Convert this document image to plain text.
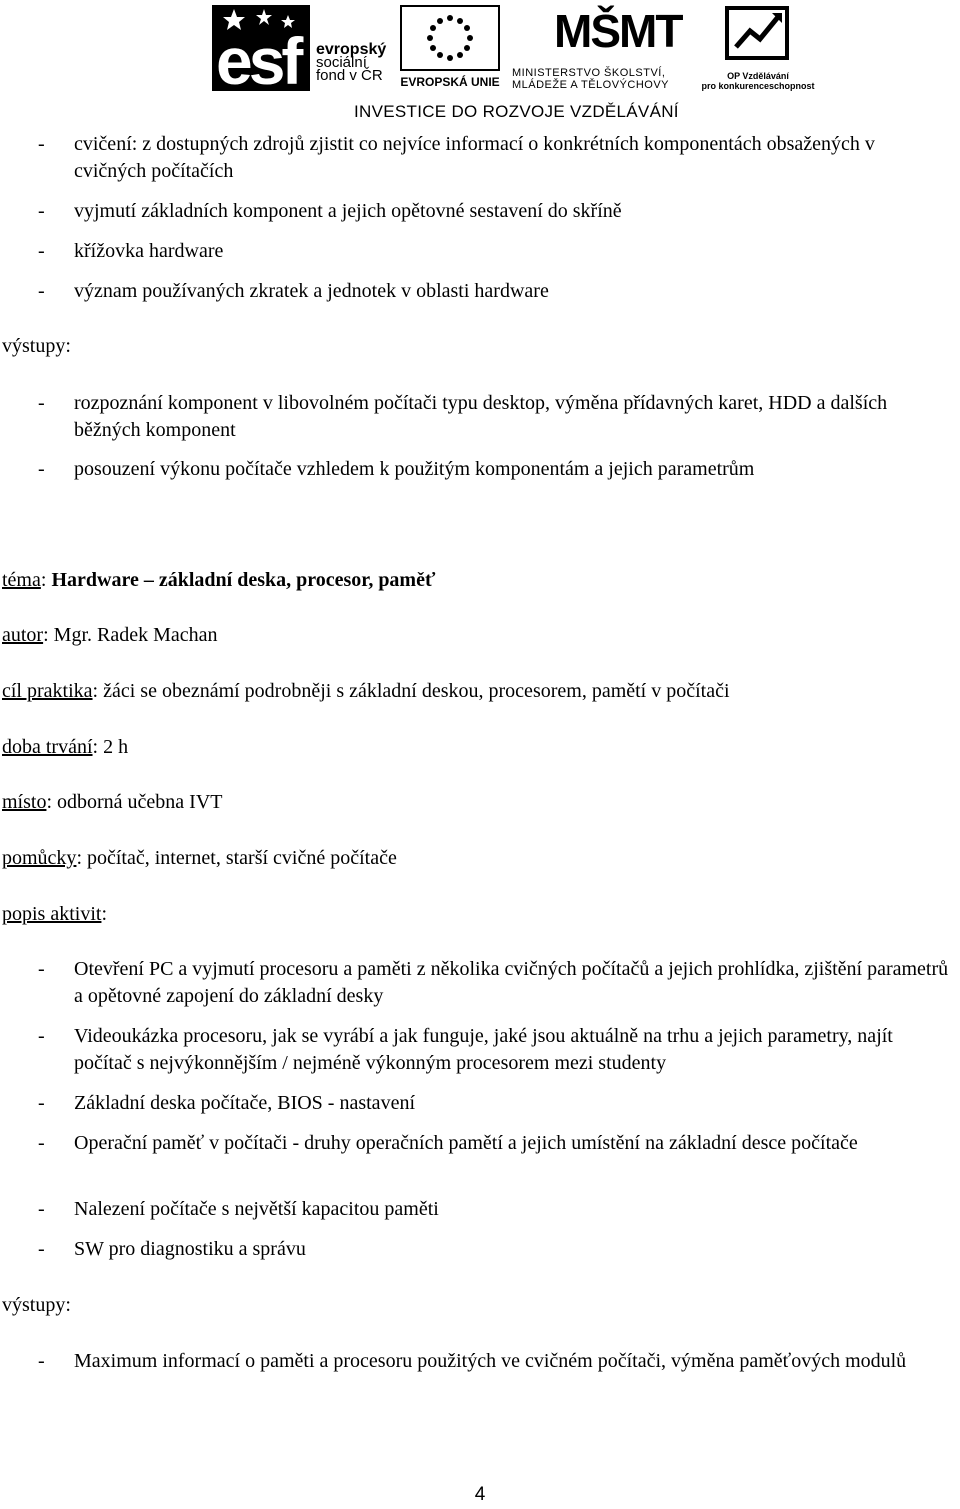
esf evropský
sociální
fond v ČR EVROPSKÁ UNIE
MŠMT
MINISTERSTVO ŠKOLSTVÍ,
MLÁDEŽE A TĚLOVÝCHOVY
OP Vzdělávání
pro konkurenceschopnost
INVESTICE DO ROZVOJE VZDĚLÁVÁNÍ
- cvičení: z dostupných zdrojů zjistit co nejvíce informací o konkrétních komponentách obsažených v cvičných počítačích
- vyjmutí základních komponent a jejich opětovné sestavení do skříně
- křížovka hardware
- význam používaných zkratek a jednotek v oblasti hardware
výstupy:
- rozpoznání komponent v libovolném počítači typu desktop, výměna přídavných karet, HDD a dalších běžných komponent
- posouzení výkonu počítače vzhledem k použitým komponentám a jejich parametrům
téma: Hardware – základní deska, procesor, paměť
autor: Mgr. Radek Machan
cíl praktika: žáci se obeznámí podrobněji s základní deskou, procesorem, pamětí v počítači
doba trvání: 2 h
místo: odborná učebna IVT
pomůcky: počítač, internet, starší cvičné počítače
popis aktivit:
- Otevření PC a vyjmutí procesoru a paměti z několika cvičných počítačů a jejich prohlídka, zjištění parametrů a opětovné zapojení do základní desky
- Videoukázka procesoru, jak se vyrábí a jak funguje, jaké jsou aktuálně na trhu a jejich parametry, najít počítač s nejvýkonnějším / nejméně výkonným procesorem mezi studenty
- Základní deska počítače, BIOS - nastavení
- Operační paměť v počítači - druhy operačních pamětí a jejich umístění na základní desce počítače
- Nalezení počítače s největší kapacitou paměti
- SW pro diagnostiku a správu
výstupy:
- Maximum informací o paměti a procesoru použitých ve cvičném počítači, výměna paměťových modulů
4
